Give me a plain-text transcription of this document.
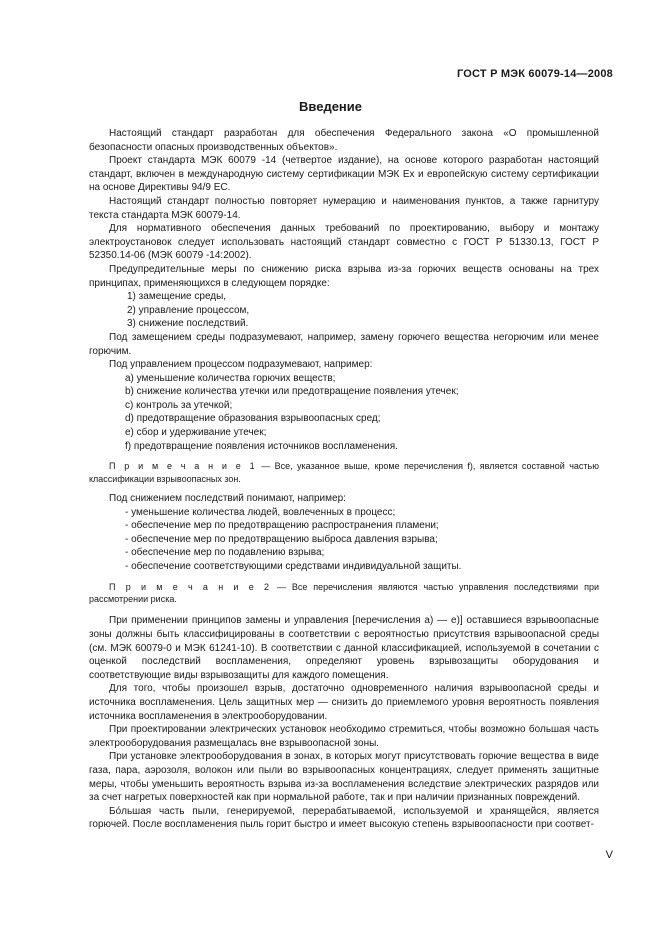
ГОСТ Р МЭК 60079-14—2008
Введение

Настоящий стандарт разработан для обеспечения Федерального закона «О промышленной безопасности опасных производственных объектов».

Проект стандарта МЭК 60079 -14 (четвертое издание), на основе которого разработан настоящий стандарт, включен в международную систему сертификации МЭК Ex и европейскую систему сертификации на основе Директивы 94/9 ЕС.

Настоящий стандарт полностью повторяет нумерацию и наименования пунктов, а также гарнитуру текста стандарта МЭК 60079-14.

Для нормативного обеспечения данных требований по проектированию, выбору и монтажу электроустановок следует использовать настоящий стандарт совместно с ГОСТ Р 51330.13, ГОСТ Р 52350.14-06 (МЭК 60079 -14:2002).

Предупредительные меры по снижению риска взрыва из-за горючих веществ основаны на трех принципах, применяющихся в следующем порядке:

1) замещение среды,

2) управление процессом,

3) снижение последствий.

Под замещением среды подразумевают, например, замену горючего вещества негорючим или менее горючим.

Под управлением процессом подразумевают, например:

а) уменьшение количества горючих веществ;

b) снижение количества утечки или предотвращение появления утечек;

с) контроль за утечкой;

d) предотвращение образования взрывоопасных сред;

е) сбор и удерживание утечек;

f) предотвращение появления источников воспламенения.

П р и м е ч а н и е 1 — Все, указанное выше, кроме перечисления f), является составной частью классификации взрывоопасных зон.

Под снижением последствий понимают, например:

- уменьшение количества людей, вовлеченных в процесс;

- обеспечение мер по предотвращению распространения пламени;

- обеспечение мер по предотвращению выброса давления взрыва;

- обеспечение мер по подавлению взрыва;

- обеспечение соответствующими средствами индивидуальной защиты.

П р и м е ч а н и е 2 — Все перечисления являются частью управления последствиями при рассмотрении риска.

При применении принципов замены и управления [перечисления а) — е)] оставшиеся взрывоопасные зоны должны быть классифицированы в соответствии с вероятностью присутствия взрывоопасной среды (см. МЭК 60079-0 и МЭК 61241-10). В соответствии с данной классификацией, используемой в сочетании с оценкой последствий воспламенения, определяют уровень взрывозащиты оборудования и соответствующие виды взрывозащиты для каждого помещения.

Для того, чтобы произошел взрыв, достаточно одновременного наличия взрывоопасной среды и источника воспламенения. Цель защитных мер — снизить до приемлемого уровня вероятность появления источника воспламенения в электрооборудовании.

При проектировании электрических установок необходимо стремиться, чтобы возможно большая часть электрооборудования размещалась вне взрывоопасной зоны.

При установке электрооборудования в зонах, в которых могут присутствовать горючие вещества в виде газа, пара, аэрозоля, волокон или пыли во взрывоопасных концентрациях, следует применять защитные меры, чтобы уменьшить вероятность взрыва из-за воспламенения вследствие электрических разрядов или за счет нагретых поверхностей как при нормальной работе, так и при наличии признанных повреждений.

Бо́льшая часть пыли, генерируемой, перерабатываемой, используемой и хранящейся, является горючей. После воспламенения пыль горит быстро и имеет высокую степень взрывоопасности при соответ-

V
